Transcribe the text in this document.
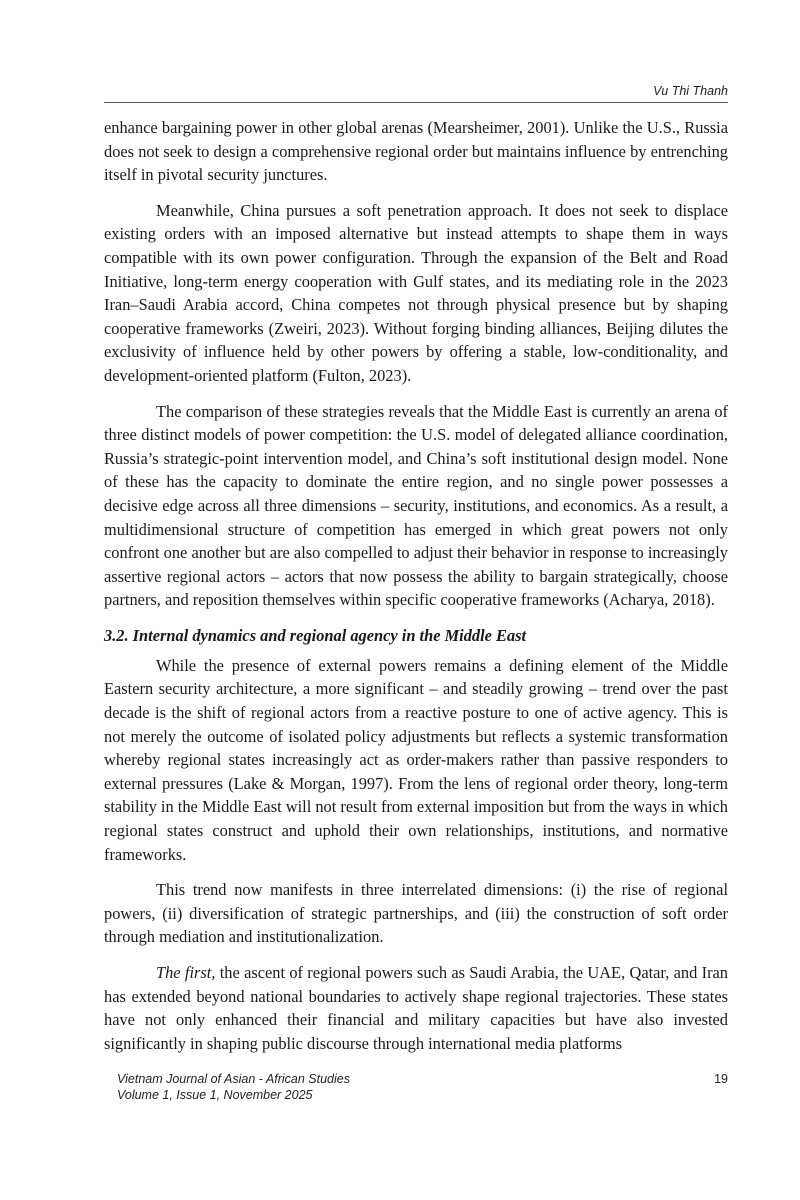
Vu Thi Thanh

enhance bargaining power in other global arenas (Mearsheimer, 2001). Unlike the U.S., Russia does not seek to design a comprehensive regional order but maintains influence by entrenching itself in pivotal security junctures.

Meanwhile, China pursues a soft penetration approach. It does not seek to displace existing orders with an imposed alternative but instead attempts to shape them in ways compatible with its own power configuration. Through the expansion of the Belt and Road Initiative, long-term energy cooperation with Gulf states, and its mediating role in the 2023 Iran–Saudi Arabia accord, China competes not through physical presence but by shaping cooperative frameworks (Zweiri, 2023). Without forging binding alliances, Beijing dilutes the exclusivity of influence held by other powers by offering a stable, low-conditionality, and development-oriented platform (Fulton, 2023).

The comparison of these strategies reveals that the Middle East is currently an arena of three distinct models of power competition: the U.S. model of delegated alliance coordination, Russia’s strategic-point intervention model, and China’s soft institutional design model. None of these has the capacity to dominate the entire region, and no single power possesses a decisive edge across all three dimensions – security, institutions, and economics. As a result, a multidimensional structure of competition has emerged in which great powers not only confront one another but are also compelled to adjust their behavior in response to increasingly assertive regional actors – actors that now possess the ability to bargain strategically, choose partners, and reposition themselves within specific cooperative frameworks (Acharya, 2018).

3.2. Internal dynamics and regional agency in the Middle East

While the presence of external powers remains a defining element of the Middle Eastern security architecture, a more significant – and steadily growing – trend over the past decade is the shift of regional actors from a reactive posture to one of active agency. This is not merely the outcome of isolated policy adjustments but reflects a systemic transformation whereby regional states increasingly act as order-makers rather than passive responders to external pressures (Lake & Morgan, 1997). From the lens of regional order theory, long-term stability in the Middle East will not result from external imposition but from the ways in which regional states construct and uphold their own relationships, institutions, and normative frameworks.

This trend now manifests in three interrelated dimensions: (i) the rise of regional powers, (ii) diversification of strategic partnerships, and (iii) the construction of soft order through mediation and institutionalization.

The first, the ascent of regional powers such as Saudi Arabia, the UAE, Qatar, and Iran has extended beyond national boundaries to actively shape regional trajectories. These states have not only enhanced their financial and military capacities but have also invested significantly in shaping public discourse through international media platforms

Vietnam Journal of Asian - African Studies
Volume 1, Issue 1, November 2025
19
